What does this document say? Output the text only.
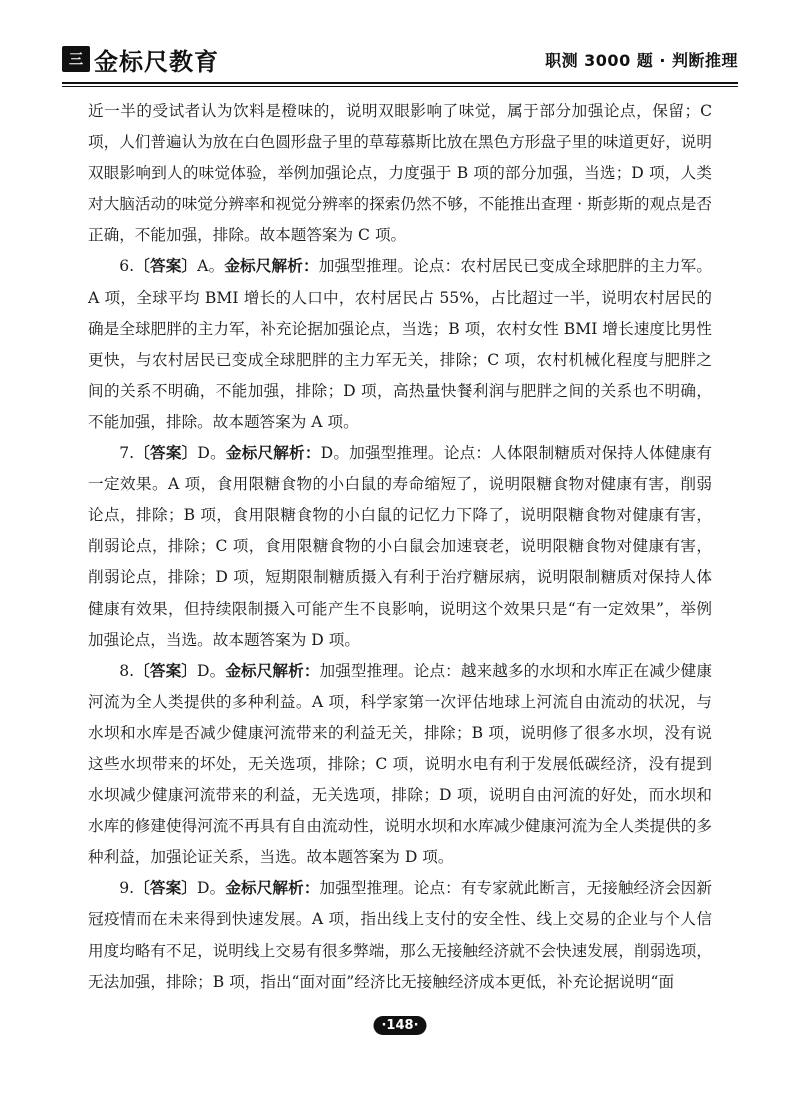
三 金标尺教育	职测 3000 题 · 判断推理

近一半的受试者认为饮料是橙味的，说明双眼影响了味觉，属于部分加强论点，保留；C 项，人们普遍认为放在白色圆形盘子里的草莓慕斯比放在黑色方形盘子里的味道更好，说明双眼影响到人的味觉体验，举例加强论点，力度强于 B 项的部分加强，当选；D 项，人类对大脑活动的味觉分辨率和视觉分辨率的探索仍然不够，不能推出查理 · 斯彭斯的观点是否正确，不能加强，排除。故本题答案为 C 项。

6.〔答案〕A。金标尺解析：加强型推理。论点：农村居民已变成全球肥胖的主力军。A 项，全球平均 BMI 增长的人口中，农村居民占 55%，占比超过一半，说明农村居民的确是全球肥胖的主力军，补充论据加强论点，当选；B 项，农村女性 BMI 增长速度比男性更快，与农村居民已变成全球肥胖的主力军无关，排除；C 项，农村机械化程度与肥胖之间的关系不明确，不能加强，排除；D 项，高热量快餐利润与肥胖之间的关系也不明确，不能加强，排除。故本题答案为 A 项。

7.〔答案〕D。金标尺解析：D。加强型推理。论点：人体限制糖质对保持人体健康有一定效果。A 项，食用限糖食物的小白鼠的寿命缩短了，说明限糖食物对健康有害，削弱论点，排除；B 项，食用限糖食物的小白鼠的记忆力下降了，说明限糖食物对健康有害，削弱论点，排除；C 项，食用限糖食物的小白鼠会加速衰老，说明限糖食物对健康有害，削弱论点，排除；D 项，短期限制糖质摄入有利于治疗糖尿病，说明限制糖质对保持人体健康有效果，但持续限制摄入可能产生不良影响，说明这个效果只是“有一定效果”，举例加强论点，当选。故本题答案为 D 项。

8.〔答案〕D。金标尺解析：加强型推理。论点：越来越多的水坝和水库正在减少健康河流为全人类提供的多种利益。A 项，科学家第一次评估地球上河流自由流动的状况，与水坝和水库是否减少健康河流带来的利益无关，排除；B 项，说明修了很多水坝，没有说这些水坝带来的坏处，无关选项，排除；C 项，说明水电有利于发展低碳经济，没有提到水坝减少健康河流带来的利益，无关选项，排除；D 项，说明自由河流的好处，而水坝和水库的修建使得河流不再具有自由流动性，说明水坝和水库减少健康河流为全人类提供的多种利益，加强论证关系，当选。故本题答案为 D 项。

9.〔答案〕D。金标尺解析：加强型推理。论点：有专家就此断言，无接触经济会因新冠疫情而在未来得到快速发展。A 项，指出线上支付的安全性、线上交易的企业与个人信用度均略有不足，说明线上交易有很多弊端，那么无接触经济就不会快速发展，削弱选项，无法加强，排除；B 项，指出“面对面”经济比无接触经济成本更低，补充论据说明“面

·148·
